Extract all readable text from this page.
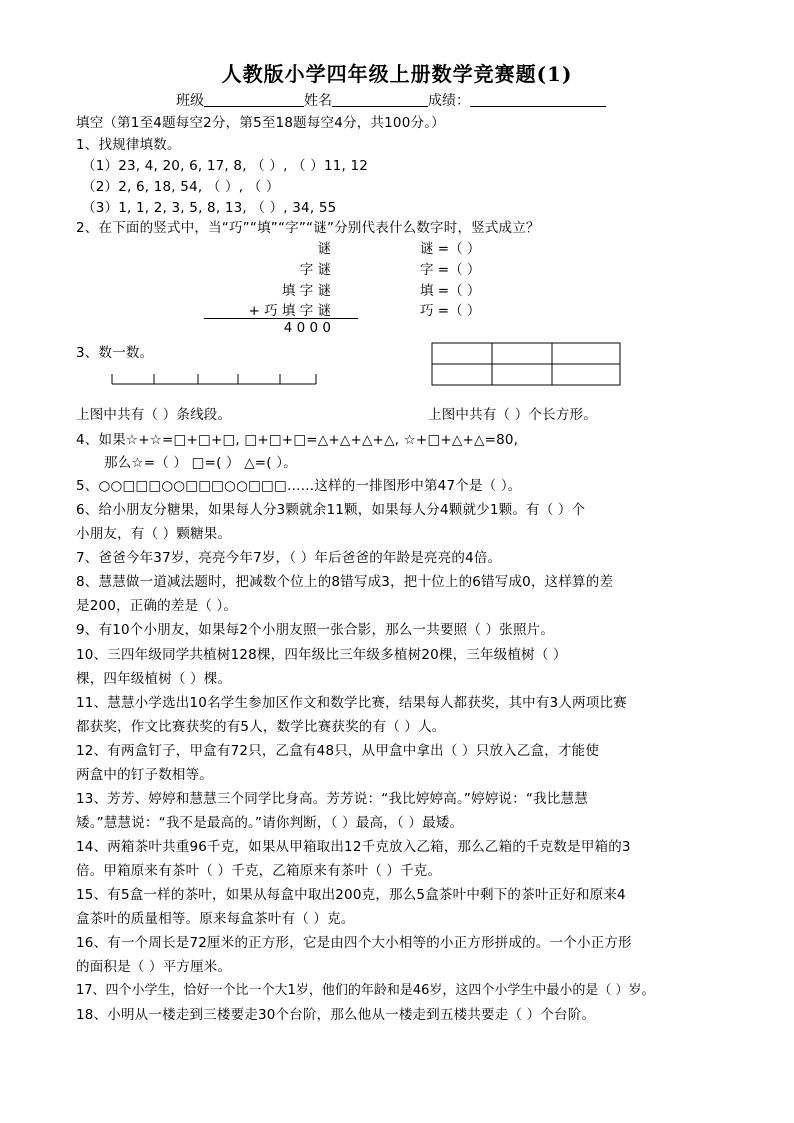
人教版小学四年级上册数学竞赛题(1)
班级	姓名	成绩：
填空（第1至4题每空2分，第5至18题每空4分，共100分。）
1、找规律填数。
（1）23, 4, 20, 6, 17, 8, （ ）, （ ）11, 12
（2）2, 6, 18, 54, （ ）, （ ）
（3）1, 1, 2, 3, 5, 8, 13, （ ）, 34, 55
2、在下面的竖式中，当“巧”“填”“字”“谜”分别代表什么数字时，竖式成立？
谜
字 谜
填 字 谜
+ 巧 填 字 谜
4 0 0 0
谜 =（ ）
字 =（ ）
填 =（ ）
巧 =（ ）
3、数一数。
上图中共有（ ）条线段。	上图中共有（ ）个长方形。
4、如果☆+☆=□+□+□, □+□+□=△+△+△+△, ☆+□+△+△=80,
那么☆=（ ） □=( ） △=( ）。
5、○○□□□○○□□□○○□□□……这样的一排图形中第47个是（ ）。
6、给小朋友分糖果，如果每人分3颗就余11颗，如果每人分4颗就少1颗。有（ ）个
小朋友，有（ ）颗糖果。
7、爸爸今年37岁，亮亮今年7岁，（ ）年后爸爸的年龄是亮亮的4倍。
8、慧慧做一道减法题时，把减数个位上的8错写成3，把十位上的6错写成0，这样算的差
是200，正确的差是（ ）。
9、有10个小朋友，如果每2个小朋友照一张合影，那么一共要照（ ）张照片。
10、三四年级同学共植树128棵，四年级比三年级多植树20棵，三年级植树（ ）
棵，四年级植树（ ）棵。
11、慧慧小学选出10名学生参加区作文和数学比赛，结果每人都获奖，其中有3人两项比赛
都获奖，作文比赛获奖的有5人，数学比赛获奖的有（ ）人。
12、有两盒钉子，甲盒有72只，乙盒有48只，从甲盒中拿出（ ）只放入乙盒，才能使
两盒中的钉子数相等。
13、芳芳、婷婷和慧慧三个同学比身高。芳芳说：“我比婷婷高。”婷婷说：“我比慧慧
矮。”慧慧说：“我不是最高的。”请你判断，（ ）最高，（ ）最矮。
14、两箱茶叶共重96千克，如果从甲箱取出12千克放入乙箱，那么乙箱的千克数是甲箱的3
倍。甲箱原来有茶叶（ ）千克，乙箱原来有茶叶（ ）千克。
15、有5盒一样的茶叶，如果从每盒中取出200克，那么5盒茶叶中剩下的茶叶正好和原来4
盒茶叶的质量相等。原来每盒茶叶有（ ）克。
16、有一个周长是72厘米的正方形，它是由四个大小相等的小正方形拼成的。一个小正方形
的面积是（ ）平方厘米。
17、四个小学生，恰好一个比一个大1岁，他们的年龄和是46岁，这四个小学生中最小的是（ ）岁。
18、小明从一楼走到三楼要走30个台阶，那么他从一楼走到五楼共要走（ ）个台阶。
